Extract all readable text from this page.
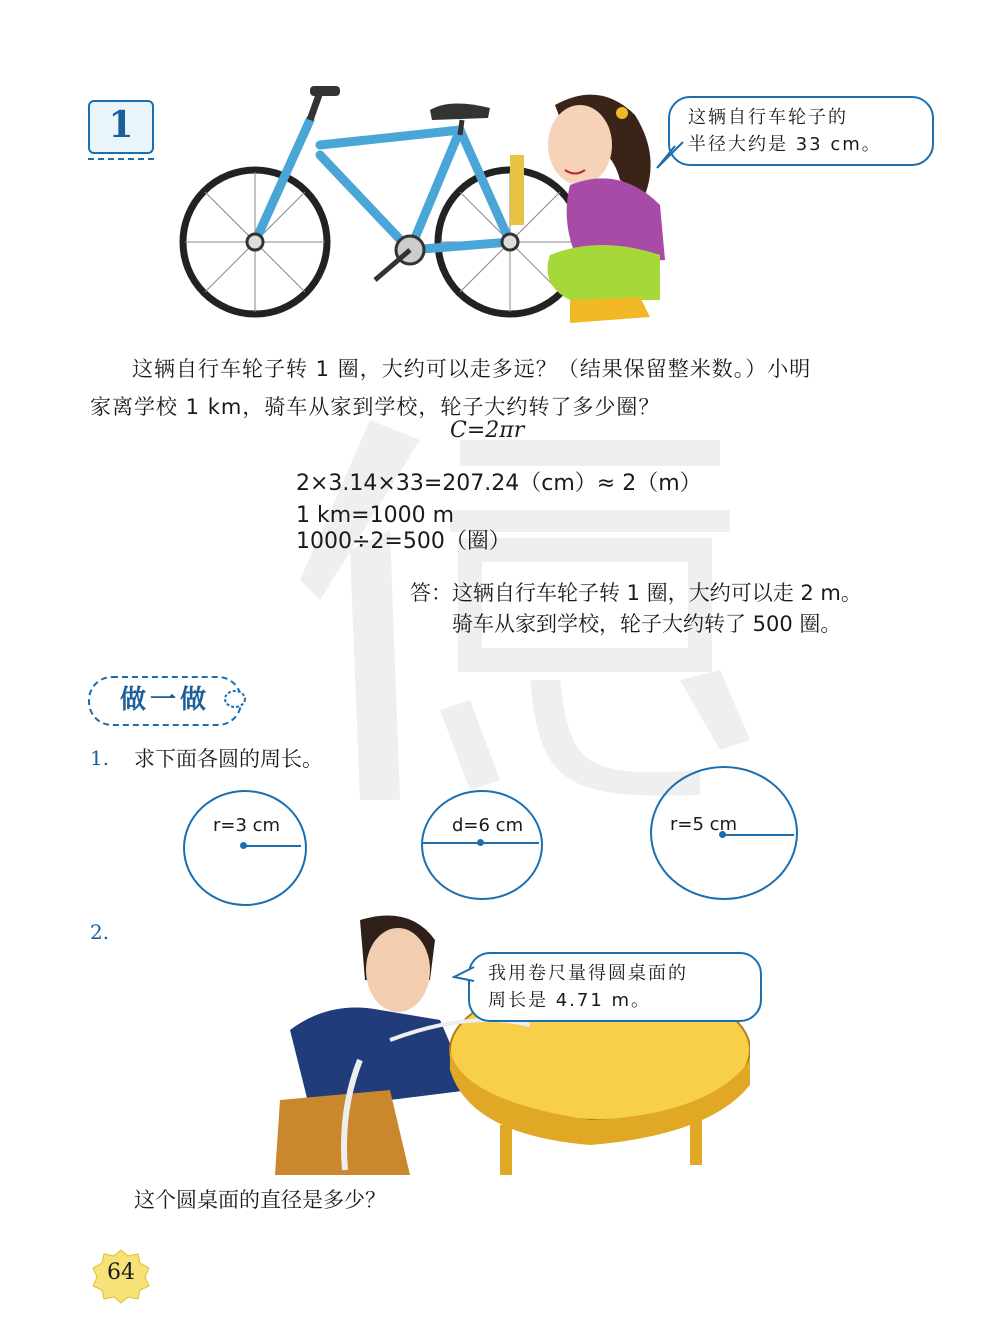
1	这辆自行车轮子的
半径大约是 33 cm。
这辆自行车轮子转 1 圈，大约可以走多远？（结果保留整米数。）小明
家离学校 1 km，骑车从家到学校，轮子大约转了多少圈？
C=2πr
2×3.14×33=207.24（cm）≈ 2（m）
1 km=1000 m
1000÷2=500（圈）
答：这辆自行车轮子转 1 圈，大约可以走 2 m。
骑车从家到学校，轮子大约转了 500 圈。
做一做
1. 求下面各圆的周长。
r=3 cm	d=6 cm	r=5 cm
2.
我用卷尺量得圆桌面的
周长是 4.71 m。
这个圆桌面的直径是多少？
64
